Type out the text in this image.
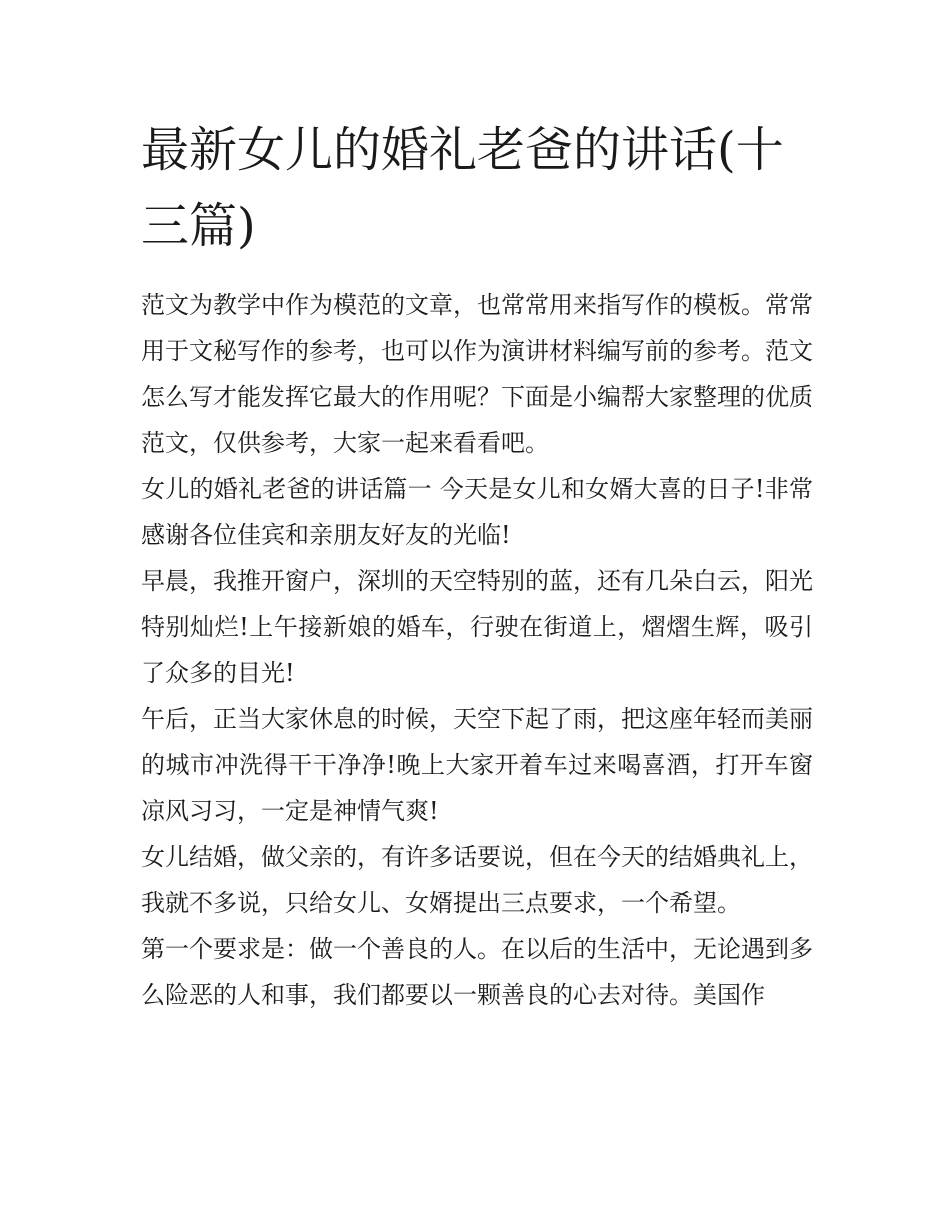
最新女儿的婚礼老爸的讲话(十三篇)

范文为教学中作为模范的文章，也常常用来指写作的模板。常常用于文秘写作的参考，也可以作为演讲材料编写前的参考。范文怎么写才能发挥它最大的作用呢？下面是小编帮大家整理的优质范文，仅供参考，大家一起来看看吧。

女儿的婚礼老爸的讲话篇一 今天是女儿和女婿大喜的日子!非常感谢各位佳宾和亲朋友好友的光临!

早晨，我推开窗户，深圳的天空特别的蓝，还有几朵白云，阳光特别灿烂!上午接新娘的婚车，行驶在街道上，熠熠生辉，吸引了众多的目光!

午后，正当大家休息的时候，天空下起了雨，把这座年轻而美丽的城市冲洗得干干净净!晚上大家开着车过来喝喜酒，打开车窗凉风习习，一定是神情气爽!

女儿结婚，做父亲的，有许多话要说，但在今天的结婚典礼上，我就不多说，只给女儿、女婿提出三点要求，一个希望。

第一个要求是：做一个善良的人。在以后的生活中，无论遇到多么险恶的人和事，我们都要以一颗善良的心去对待。美国作
